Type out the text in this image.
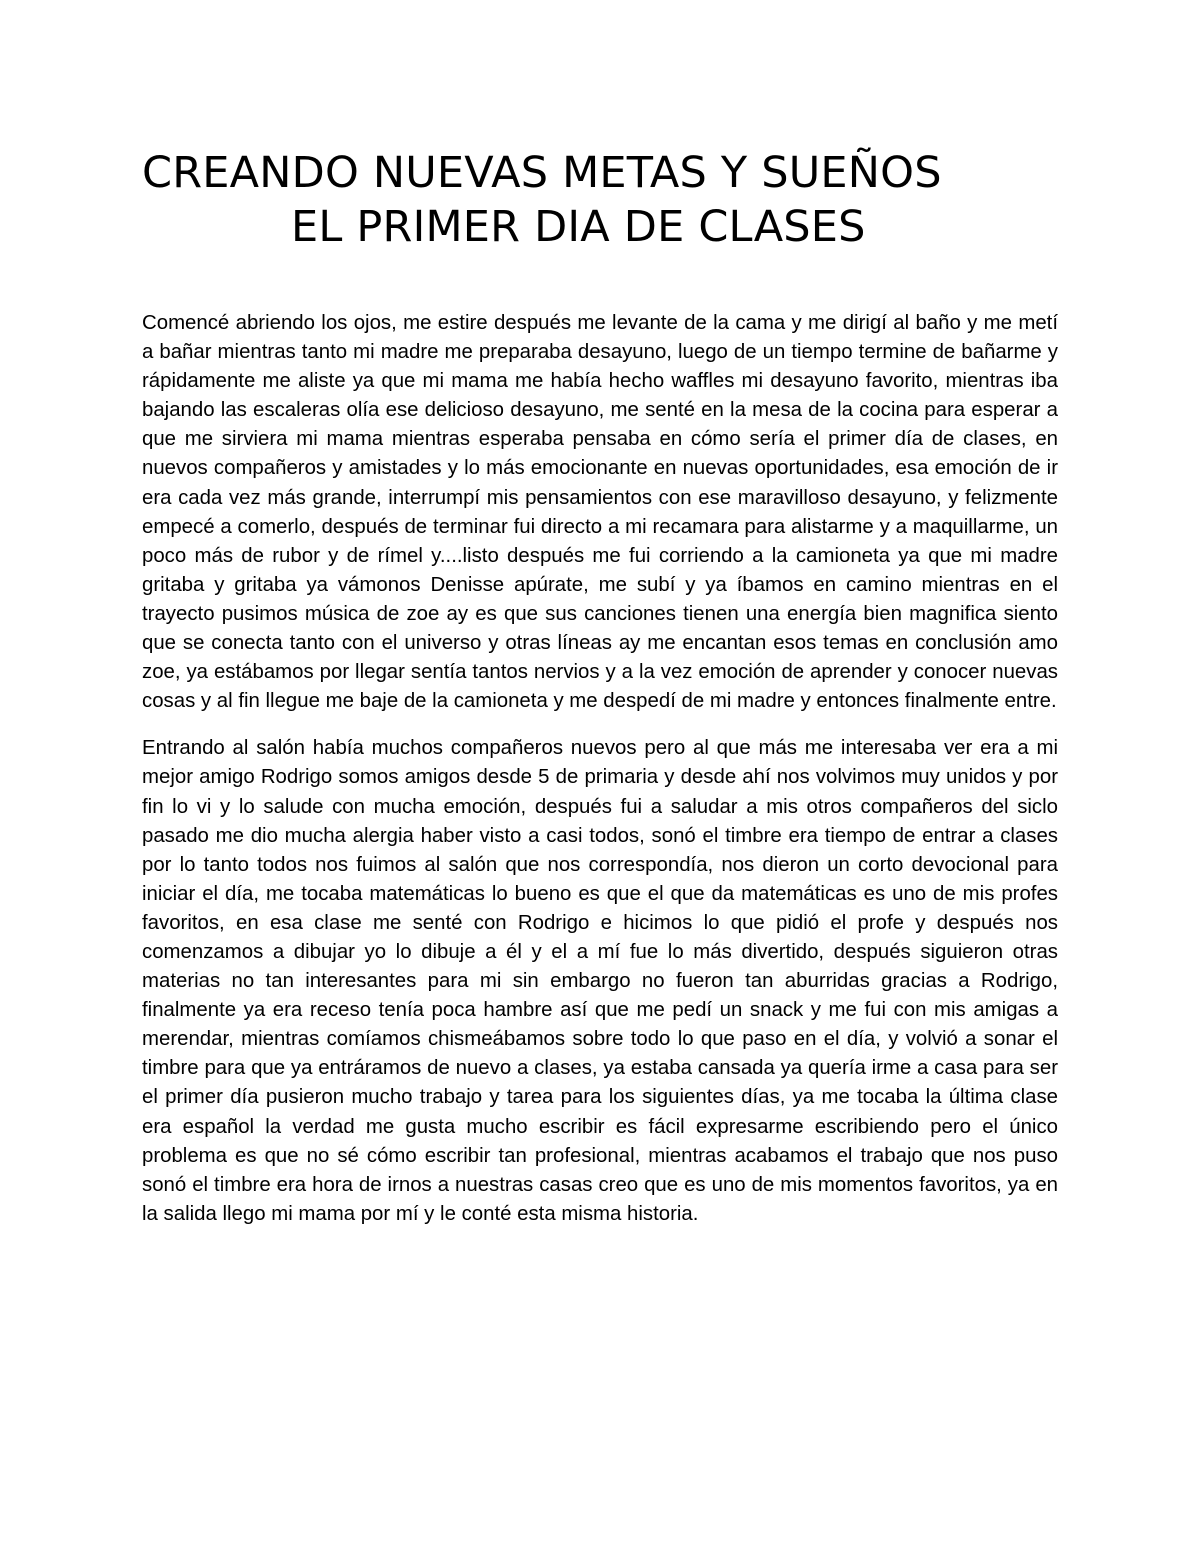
CREANDO NUEVAS METAS Y SUEÑOS
EL PRIMER DIA DE CLASES

Comencé abriendo los ojos, me estire después me levante de la cama y me dirigí al baño y me metí a bañar mientras tanto mi madre me preparaba desayuno, luego de un tiempo termine de bañarme y rápidamente me aliste ya que mi mama me había hecho waffles mi desayuno favorito, mientras iba bajando las escaleras olía ese delicioso desayuno, me senté en la mesa de la cocina para esperar a que me sirviera mi mama mientras esperaba pensaba en cómo sería el primer día de clases, en nuevos compañeros y amistades y lo más emocionante en nuevas oportunidades, esa emoción de ir era cada vez más grande, interrumpí mis pensamientos con ese maravilloso desayuno, y felizmente empecé a comerlo, después de terminar fui directo a mi recamara para alistarme y a maquillarme, un poco más de rubor y de rímel y....listo después me fui corriendo a la camioneta ya que mi madre gritaba y gritaba ya vámonos Denisse apúrate, me subí y ya íbamos en camino mientras en el trayecto pusimos música de zoe ay es que sus canciones tienen una energía bien magnifica siento que se conecta tanto con el universo y otras líneas ay me encantan esos temas en conclusión amo zoe, ya estábamos por llegar sentía tantos nervios y a la vez emoción de aprender y conocer nuevas cosas y al fin llegue me baje de la camioneta y me despedí de mi madre y entonces finalmente entre.

Entrando al salón había muchos compañeros nuevos pero al que más me interesaba ver era a mi mejor amigo Rodrigo somos amigos desde 5 de primaria y desde ahí nos volvimos muy unidos y por fin lo vi y lo salude con mucha emoción, después fui a saludar a mis otros compañeros del siclo pasado me dio mucha alergia haber visto a casi todos, sonó el timbre era tiempo de entrar a clases por lo tanto todos nos fuimos al salón que nos correspondía, nos dieron un corto devocional para iniciar el día, me tocaba matemáticas lo bueno es que el que da matemáticas es uno de mis profes favoritos, en esa clase me senté con Rodrigo e hicimos lo que pidió el profe y después nos comenzamos a dibujar yo lo dibuje a él y el a mí fue lo más divertido, después siguieron otras materias no tan interesantes para mi sin embargo no fueron tan aburridas gracias a Rodrigo, finalmente ya era receso tenía poca hambre así que me pedí un snack y me fui con mis amigas a merendar, mientras comíamos chismeábamos sobre todo lo que paso en el día, y volvió a sonar el timbre para que ya entráramos de nuevo a clases, ya estaba cansada ya quería irme a casa para ser el primer día pusieron mucho trabajo y tarea para los siguientes días, ya me tocaba la última clase era español la verdad me gusta mucho escribir es fácil expresarme escribiendo pero el único problema es que no sé cómo escribir tan profesional, mientras acabamos el trabajo que nos puso sonó el timbre era hora de irnos a nuestras casas creo que es uno de mis momentos favoritos, ya en la salida llego mi mama por mí y le conté esta misma historia.
